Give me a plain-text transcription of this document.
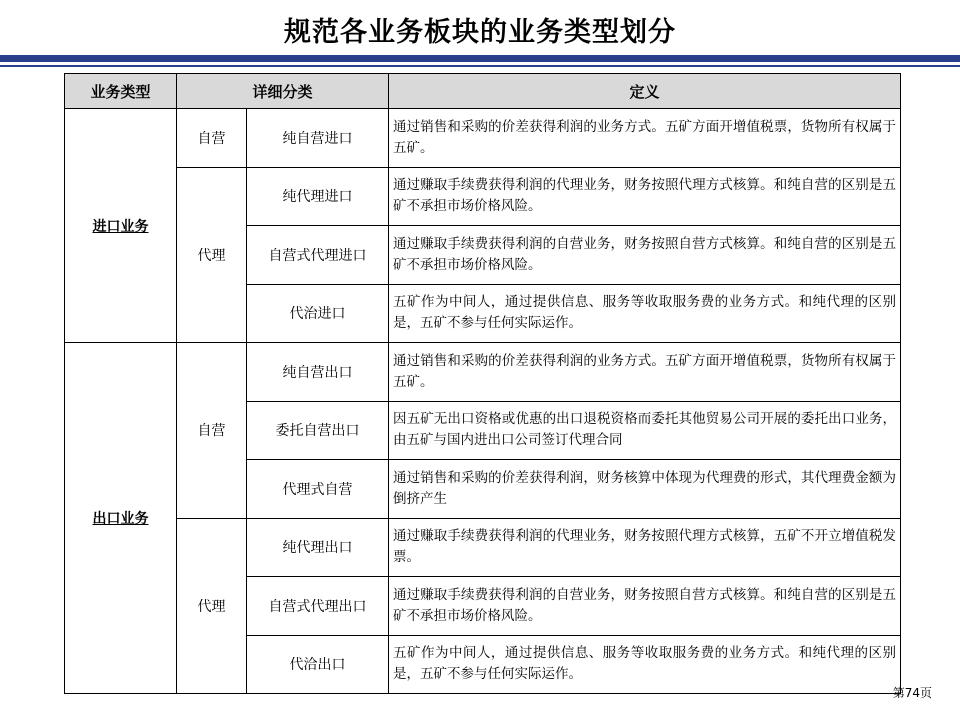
规范各业务板块的业务类型划分
业务类型	详细分类		定义
进口业务	自营	纯自营进口	通过销售和采购的价差获得利润的业务方式。五矿方面开增值税票，货物所有权属于五矿。
	代理	纯代理进口	通过赚取手续费获得利润的代理业务，财务按照代理方式核算。和纯自营的区别是五矿不承担市场价格风险。
		自营式代理进口	通过赚取手续费获得利润的自营业务，财务按照自营方式核算。和纯自营的区别是五矿不承担市场价格风险。
		代治进口	五矿作为中间人，通过提供信息、服务等收取服务费的业务方式。和纯代理的区别是，五矿不参与任何实际运作。
出口业务	自营	纯自营出口	通过销售和采购的价差获得利润的业务方式。五矿方面开增值税票，货物所有权属于五矿。
		委托自营出口	因五矿无出口资格或优惠的出口退税资格而委托其他贸易公司开展的委托出口业务，由五矿与国内进出口公司签订代理合同
		代理式自营	通过销售和采购的价差获得利润，财务核算中体现为代理费的形式，其代理费金额为倒挤产生
	代理	纯代理出口	通过赚取手续费获得利润的代理业务，财务按照代理方式核算，五矿不开立增值税发票。
		自营式代理出口	通过赚取手续费获得利润的自营业务，财务按照自营方式核算。和纯自营的区别是五矿不承担市场价格风险。
		代洽出口	五矿作为中间人，通过提供信息、服务等收取服务费的业务方式。和纯代理的区别是，五矿不参与任何实际运作。
第74页
